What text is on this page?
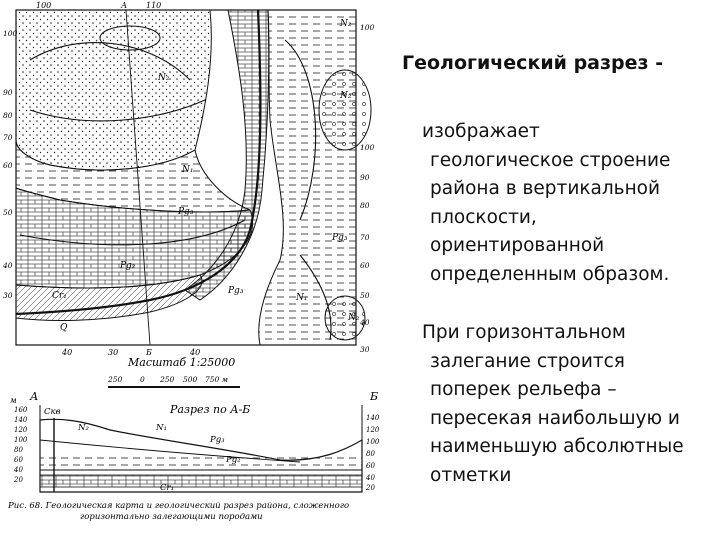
100	А 110
100
90
80
70
60
50
40
30
100
100
90
80
70
60
50
40
30
40	30	Б	40
N₂
N₁
Pg₃
Pg₃
Pg₂
Cr₁
Q
N₁
N₂
N₂
Pg₃
N₂
Масштаб 1:25000
250 0 250 500 750 м
Разрез по А-Б
А	Б
м
160
140
120
100
80
60
40
20
140
120
100
80
60
40
20
N₂	N₁
Pg₃
Pg₂
Cr₁
Скв
Рис. 68. Геологическая карта и геологический разрез района, сложенного
горизонтально залегающими породами
Геологический разрез -
изображает
геологическое строение района в вертикальной плоскости, ориентированной определенным образом.
При горизонтальном
залегание строится поперек рельефа – пересекая наибольшую и наименьшую абсолютные отметки
